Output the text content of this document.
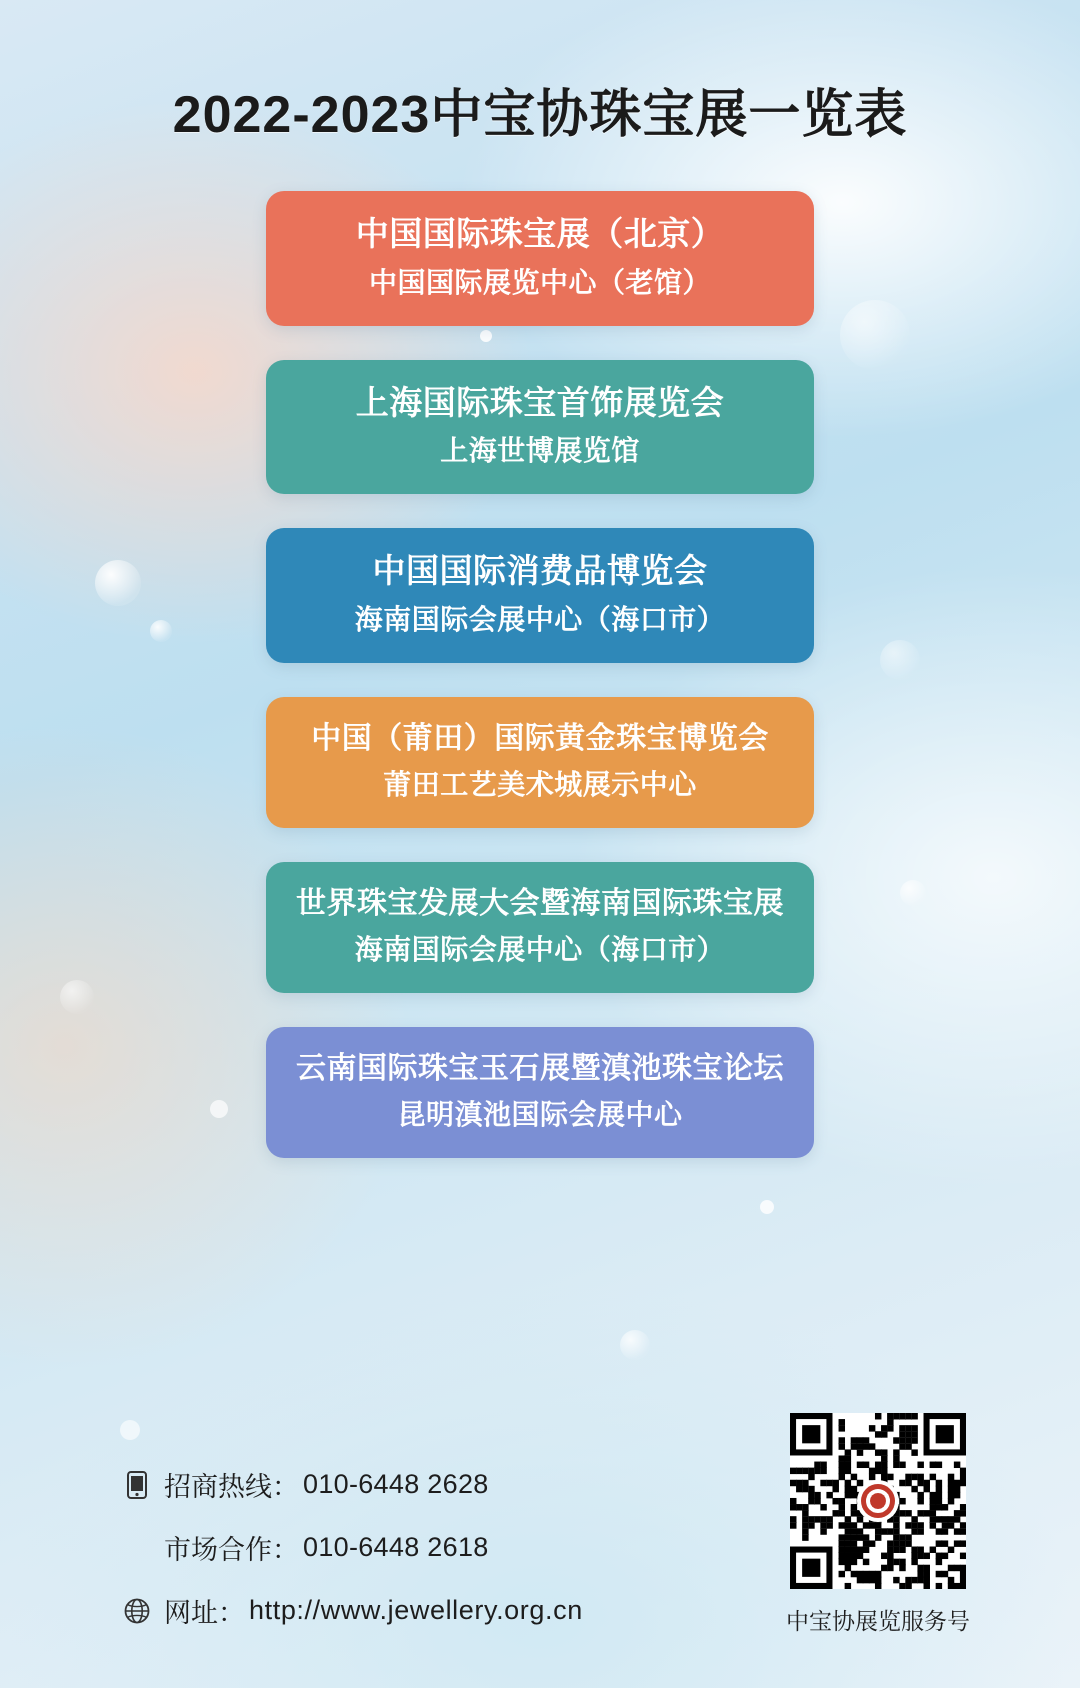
2022-2023中宝协珠宝展一览表
中国国际珠宝展（北京）
中国国际展览中心（老馆）
上海国际珠宝首饰展览会
上海世博展览馆
中国国际消费品博览会
海南国际会展中心（海口市）
中国（莆田）国际黄金珠宝博览会
莆田工艺美术城展示中心
世界珠宝发展大会暨海南国际珠宝展
海南国际会展中心（海口市）
云南国际珠宝玉石展暨滇池珠宝论坛
昆明滇池国际会展中心
招商热线： 010-6448 2628
市场合作： 010-6448 2618
网址： http://www.jewellery.org.cn	中宝协展览服务号
